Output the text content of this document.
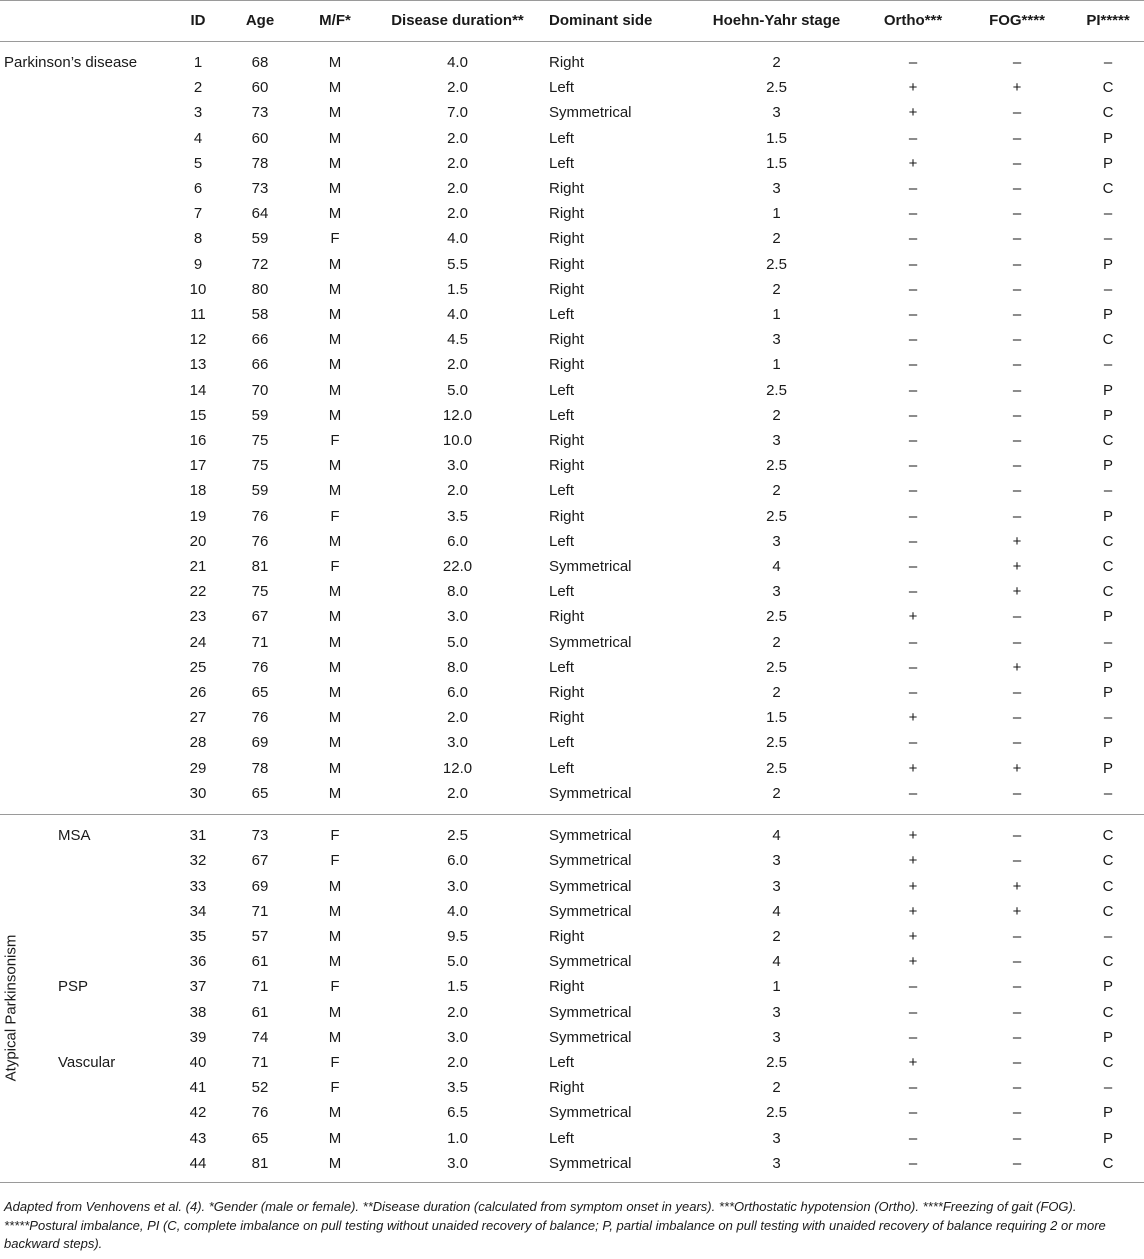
	ID	Age	M/F*	Disease duration**	Dominant side	Hoehn-Yahr stage	Ortho***	FOG****	PI*****

Parkinson’s disease	1	68	M	4.0	Right	2	–	–	–
	2	60	M	2.0	Left	2.5	+	+	C
	3	73	M	7.0	Symmetrical	3	+	–	C
	4	60	M	2.0	Left	1.5	–	–	P
	5	78	M	2.0	Left	1.5	+	–	P
	6	73	M	2.0	Right	3	–	–	C
	7	64	M	2.0	Right	1	–	–	–
	8	59	F	4.0	Right	2	–	–	–
	9	72	M	5.5	Right	2.5	–	–	P
	10	80	M	1.5	Right	2	–	–	–
	11	58	M	4.0	Left	1	–	–	P
	12	66	M	4.5	Right	3	–	–	C
	13	66	M	2.0	Right	1	–	–	–
	14	70	M	5.0	Left	2.5	–	–	P
	15	59	M	12.0	Left	2	–	–	P
	16	75	F	10.0	Right	3	–	–	C
	17	75	M	3.0	Right	2.5	–	–	P
	18	59	M	2.0	Left	2	–	–	–
	19	76	F	3.5	Right	2.5	–	–	P
	20	76	M	6.0	Left	3	–	+	C
	21	81	F	22.0	Symmetrical	4	–	+	C
	22	75	M	8.0	Left	3	–	+	C
	23	67	M	3.0	Right	2.5	+	–	P
	24	71	M	5.0	Symmetrical	2	–	–	–
	25	76	M	8.0	Left	2.5	–	+	P
	26	65	M	6.0	Right	2	–	–	P
	27	76	M	2.0	Right	1.5	+	–	–
	28	69	M	3.0	Left	2.5	–	–	P
	29	78	M	12.0	Left	2.5	+	+	P
	30	65	M	2.0	Symmetrical	2	–	–	–

MSA	31	73	F	2.5	Symmetrical	4	+	–	C
	32	67	F	6.0	Symmetrical	3	+	–	C
	33	69	M	3.0	Symmetrical	3	+	+	C
	34	71	M	4.0	Symmetrical	4	+	+	C
	35	57	M	9.5	Right	2	+	–	–
	36	61	M	5.0	Symmetrical	4	+	–	C
PSP	37	71	F	1.5	Right	1	–	–	P
	38	61	M	2.0	Symmetrical	3	–	–	C
	39	74	M	3.0	Symmetrical	3	–	–	P
Vascular	40	71	F	2.0	Left	2.5	+	–	C
	41	52	F	3.5	Right	2	–	–	–
	42	76	M	6.5	Symmetrical	2.5	–	–	P
	43	65	M	1.0	Left	3	–	–	P
	44	81	M	3.0	Symmetrical	3	–	–	C

Atypical Parkinsonism
Adapted from Venhovens et al. (4). *Gender (male or female). **Disease duration (calculated from symptom onset in years). ***Orthostatic hypotension (Ortho). ****Freezing of gait (FOG). *****Postural imbalance, PI (C, complete imbalance on pull testing without unaided recovery of balance; P, partial imbalance on pull testing with unaided recovery of balance requiring 2 or more backward steps).
